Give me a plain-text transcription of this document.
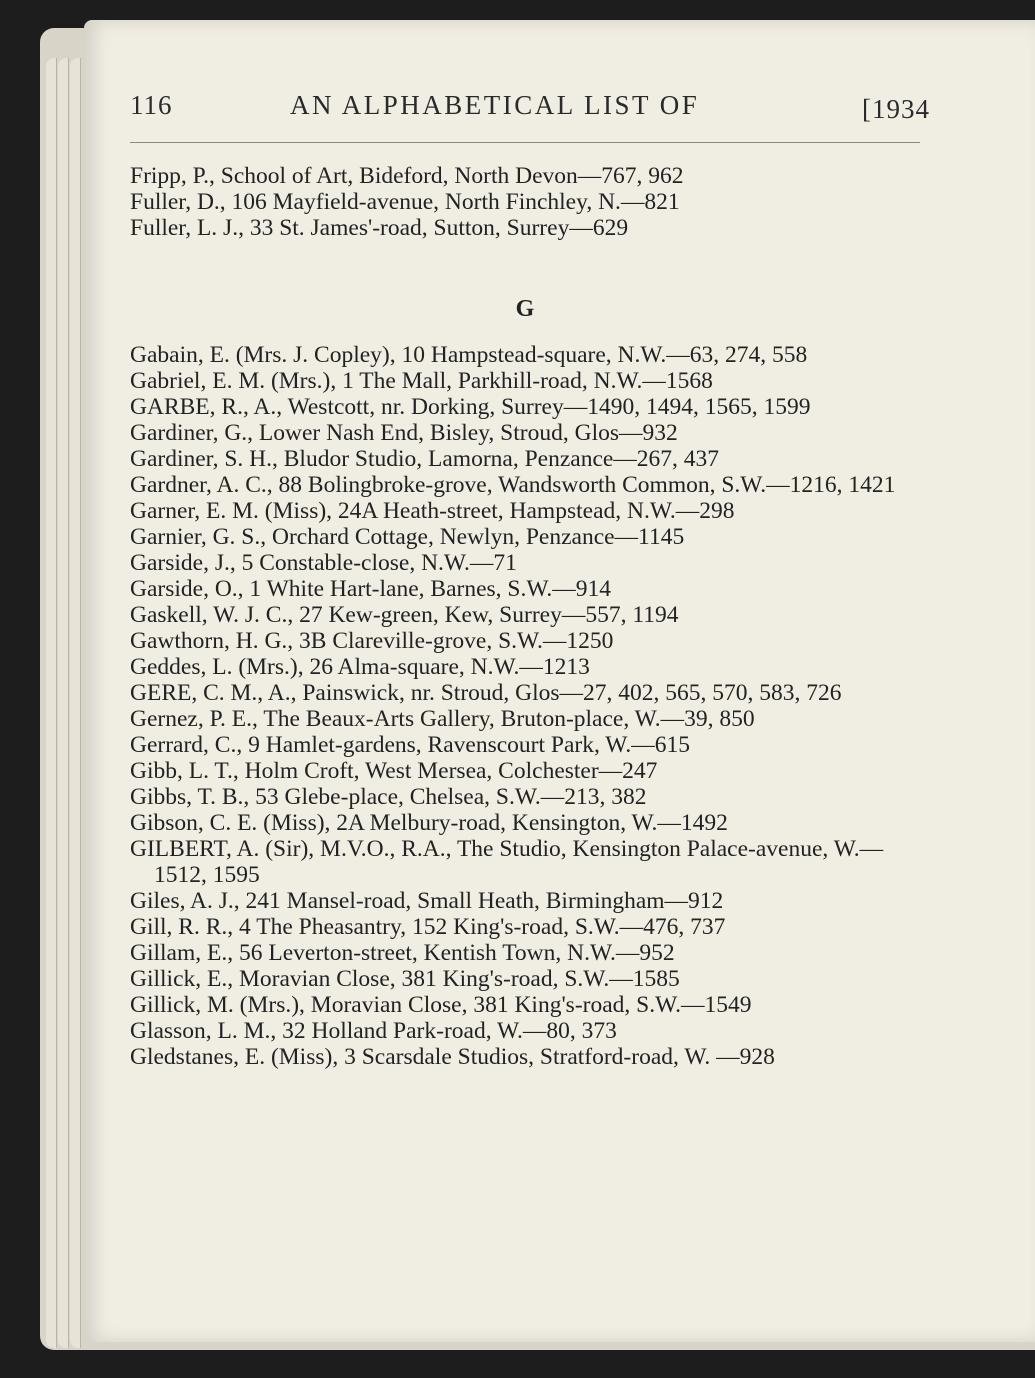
116	AN ALPHABETICAL LIST OF	[1934

Fripp, P., School of Art, Bideford, North Devon—767, 962

Fuller, D., 106 Mayfield-avenue, North Finchley, N.—821

Fuller, L. J., 33 St. James'-road, Sutton, Surrey—629

G

Gabain, E. (Mrs. J. Copley), 10 Hampstead-square, N.W.—63, 274, 558

Gabriel, E. M. (Mrs.), 1 The Mall, Parkhill-road, N.W.—1568

GARBE, R., A., Westcott, nr. Dorking, Surrey—1490, 1494, 1565, 1599

Gardiner, G., Lower Nash End, Bisley, Stroud, Glos—932

Gardiner, S. H., Bludor Studio, Lamorna, Penzance—267, 437

Gardner, A. C., 88 Bolingbroke-grove, Wandsworth Common, S.W.—1216, 1421

Garner, E. M. (Miss), 24A Heath-street, Hampstead, N.W.—298

Garnier, G. S., Orchard Cottage, Newlyn, Penzance—1145

Garside, J., 5 Constable-close, N.W.—71

Garside, O., 1 White Hart-lane, Barnes, S.W.—914

Gaskell, W. J. C., 27 Kew-green, Kew, Surrey—557, 1194

Gawthorn, H. G., 3B Clareville-grove, S.W.—1250

Geddes, L. (Mrs.), 26 Alma-square, N.W.—1213

GERE, C. M., A., Painswick, nr. Stroud, Glos—27, 402, 565, 570, 583, 726

Gernez, P. E., The Beaux-Arts Gallery, Bruton-place, W.—39, 850

Gerrard, C., 9 Hamlet-gardens, Ravenscourt Park, W.—615

Gibb, L. T., Holm Croft, West Mersea, Colchester—247

Gibbs, T. B., 53 Glebe-place, Chelsea, S.W.—213, 382

Gibson, C. E. (Miss), 2A Melbury-road, Kensington, W.—1492

GILBERT, A. (Sir), M.V.O., R.A., The Studio, Kensington Palace-avenue, W.—1512, 1595

Giles, A. J., 241 Mansel-road, Small Heath, Birmingham—912

Gill, R. R., 4 The Pheasantry, 152 King's-road, S.W.—476, 737

Gillam, E., 56 Leverton-street, Kentish Town, N.W.—952

Gillick, E., Moravian Close, 381 King's-road, S.W.—1585

Gillick, M. (Mrs.), Moravian Close, 381 King's-road, S.W.—1549

Glasson, L. M., 32 Holland Park-road, W.—80, 373

Gledstanes, E. (Miss), 3 Scarsdale Studios, Stratford-road, W. —928
